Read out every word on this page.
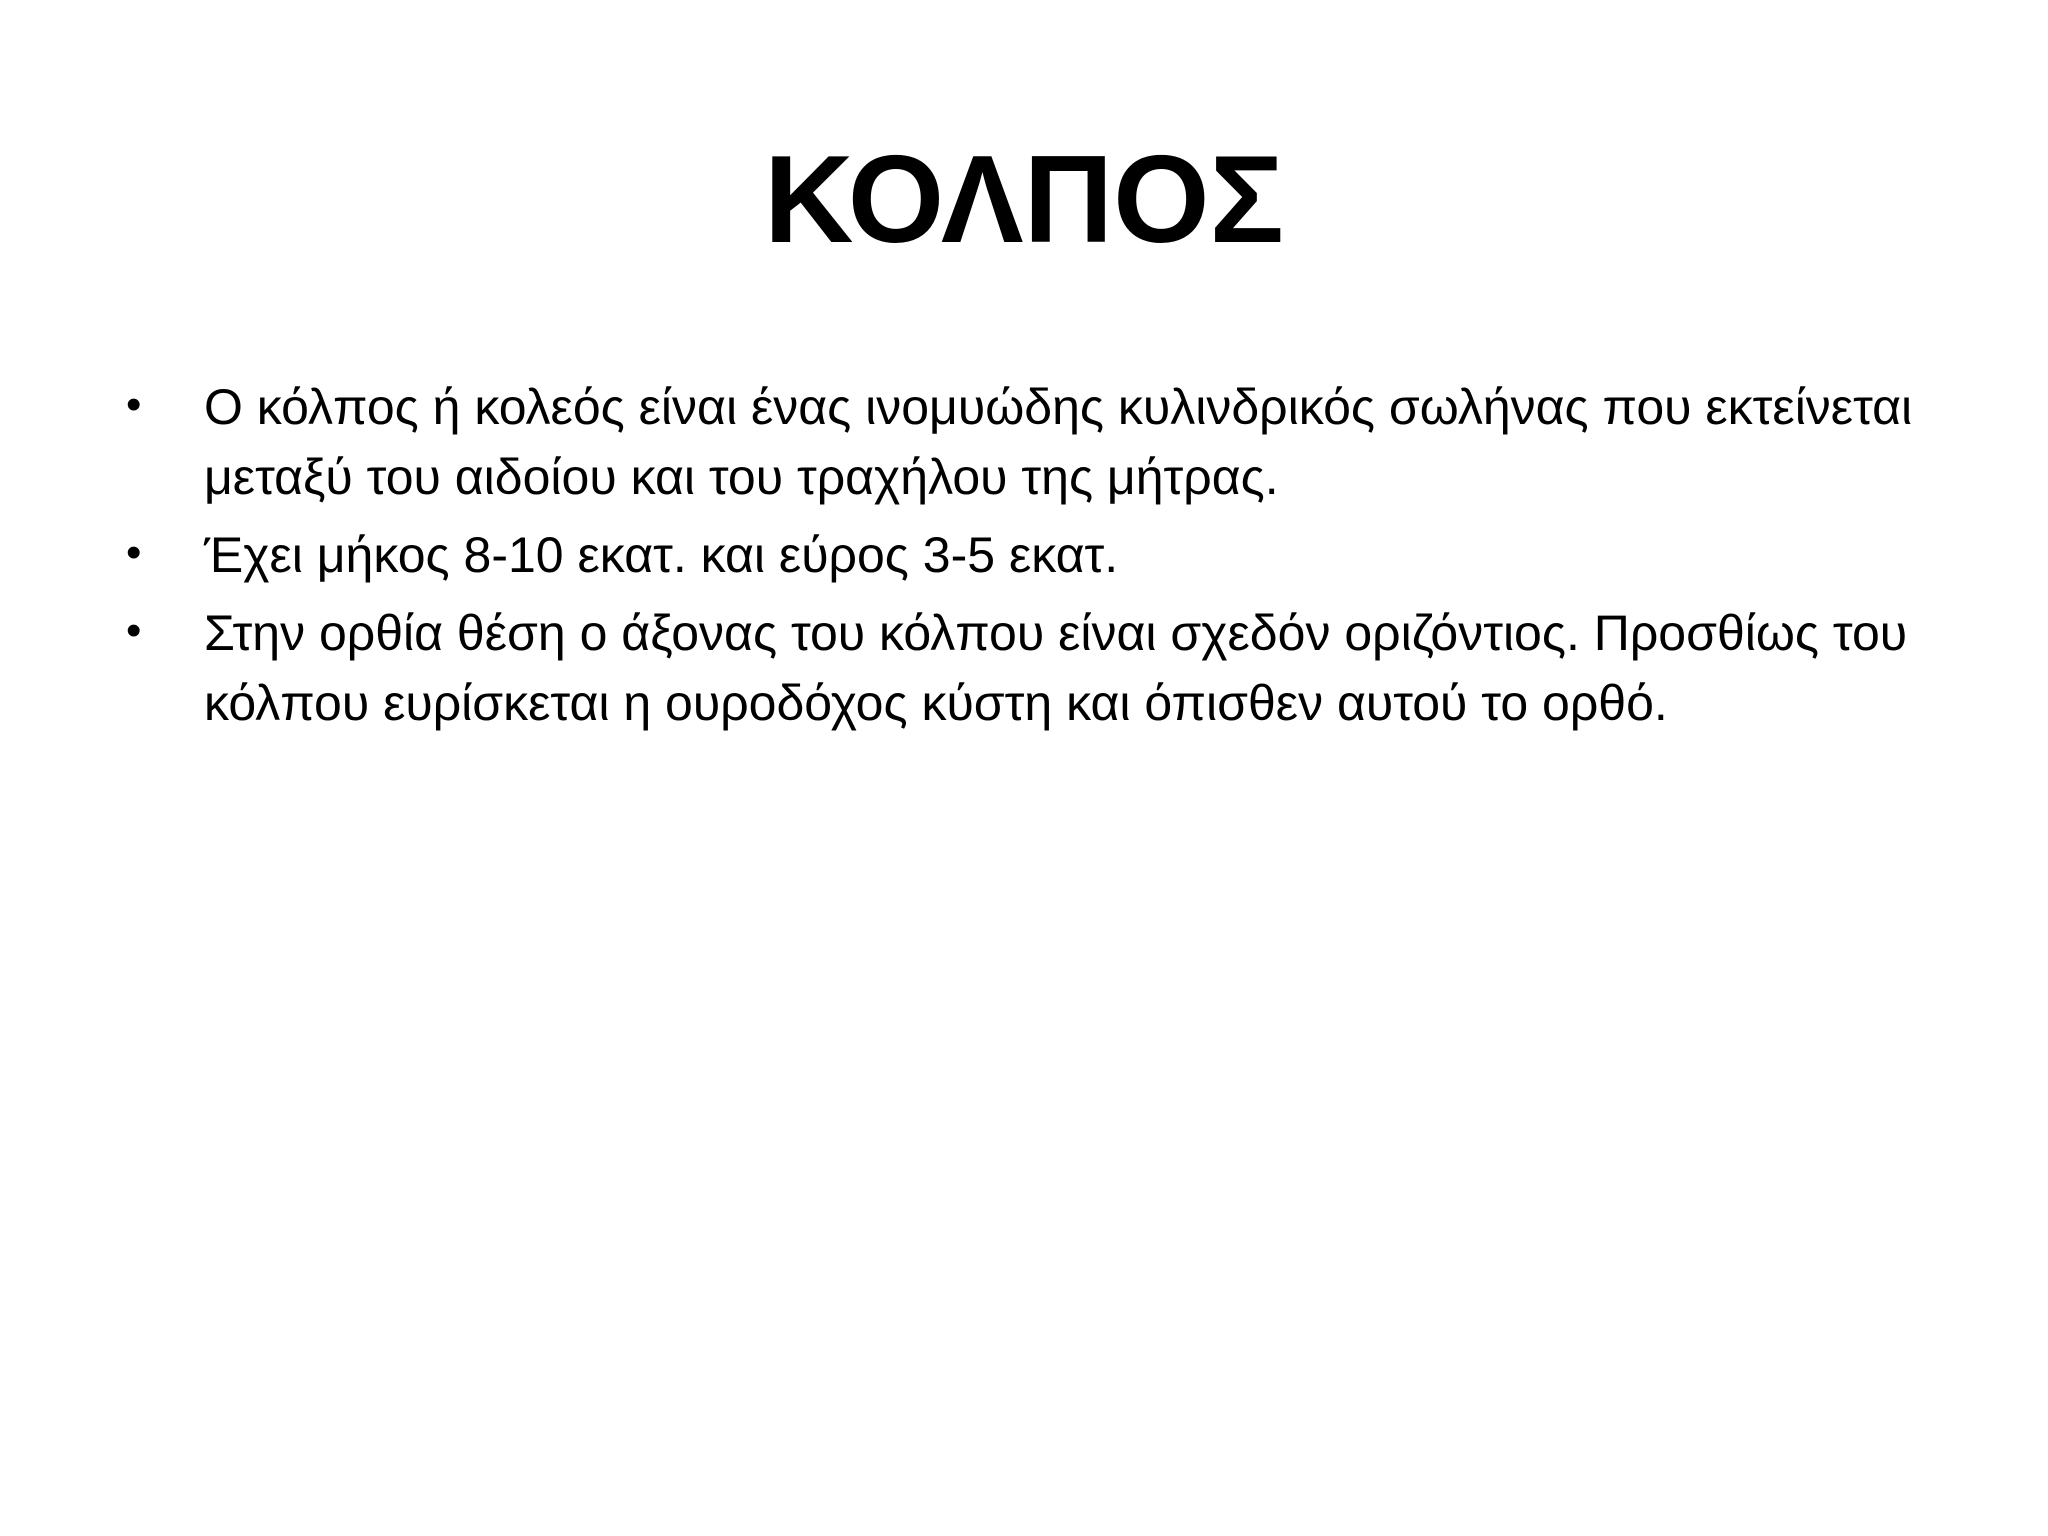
ΚΟΛΠΟΣ
• Ο κόλπος ή κολεός είναι ένας ινομυώδης κυλινδρικός σωλήνας που εκτείνεται μεταξύ του αιδοίου και του τραχήλου της μήτρας.
• Έχει μήκος 8-10 εκατ. και εύρος 3-5 εκατ.
• Στην ορθία θέση ο άξονας του κόλπου είναι σχεδόν οριζόντιος. Προσθίως του κόλπου ευρίσκεται η ουροδόχος κύστη και όπισθεν αυτού το ορθό.
